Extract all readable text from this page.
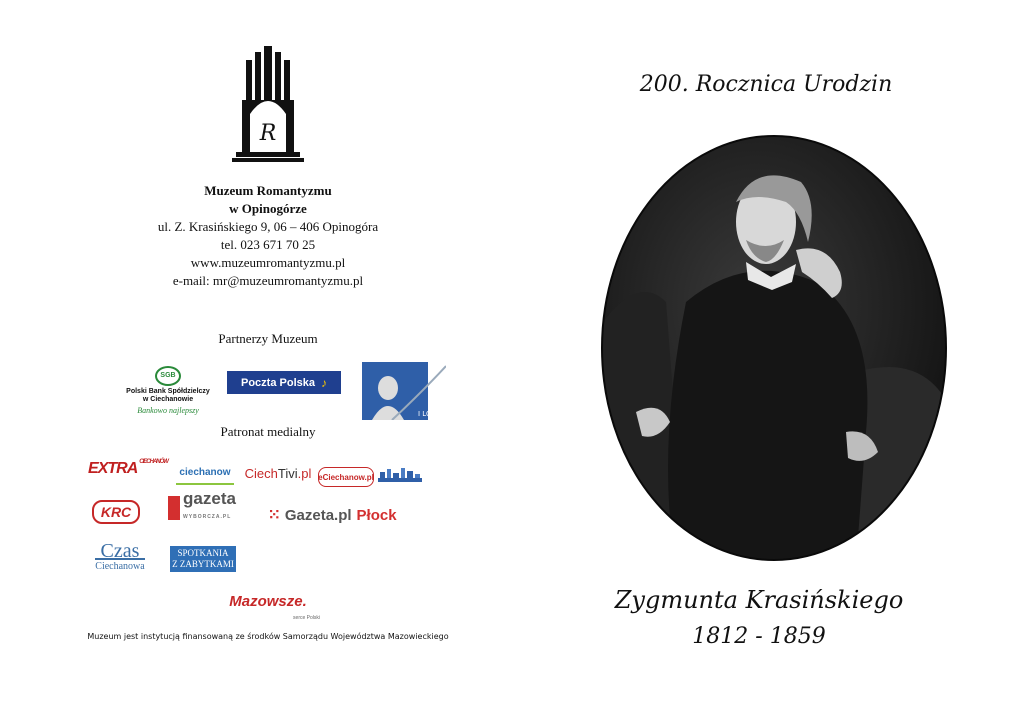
R
Muzeum Romantyzmu
w Opinogórze
ul. Z. Krasińskiego 9, 06 – 406 Opinogóra
tel. 023 671 70 25
www.muzeumromantyzmu.pl
e-mail: mr@muzeumromantyzmu.pl
Partnerzy Muzeum
SGB
Polski Bank Spółdzielczy
w Ciechanowie
Bankowo najlepszy
Poczta Polska ♪
I LO
Patronat medialny
EXTRA CIECHANÓW
ciechanow Ciech Tivi .pl eCiechanow.pl
KRC
gazeta
WYBORCZA.PL ⁙ Gazeta.pl Płock
Czas
Ciechanowa
SPOTKANIA
Z ZABYTKAMI
Mazowsze.
serce Polski
Muzeum jest instytucją finansowaną ze środków Samorządu Województwa Mazowieckiego
200. Rocznica Urodzin
Zygmunta Krasińskiego
1812 - 1859
